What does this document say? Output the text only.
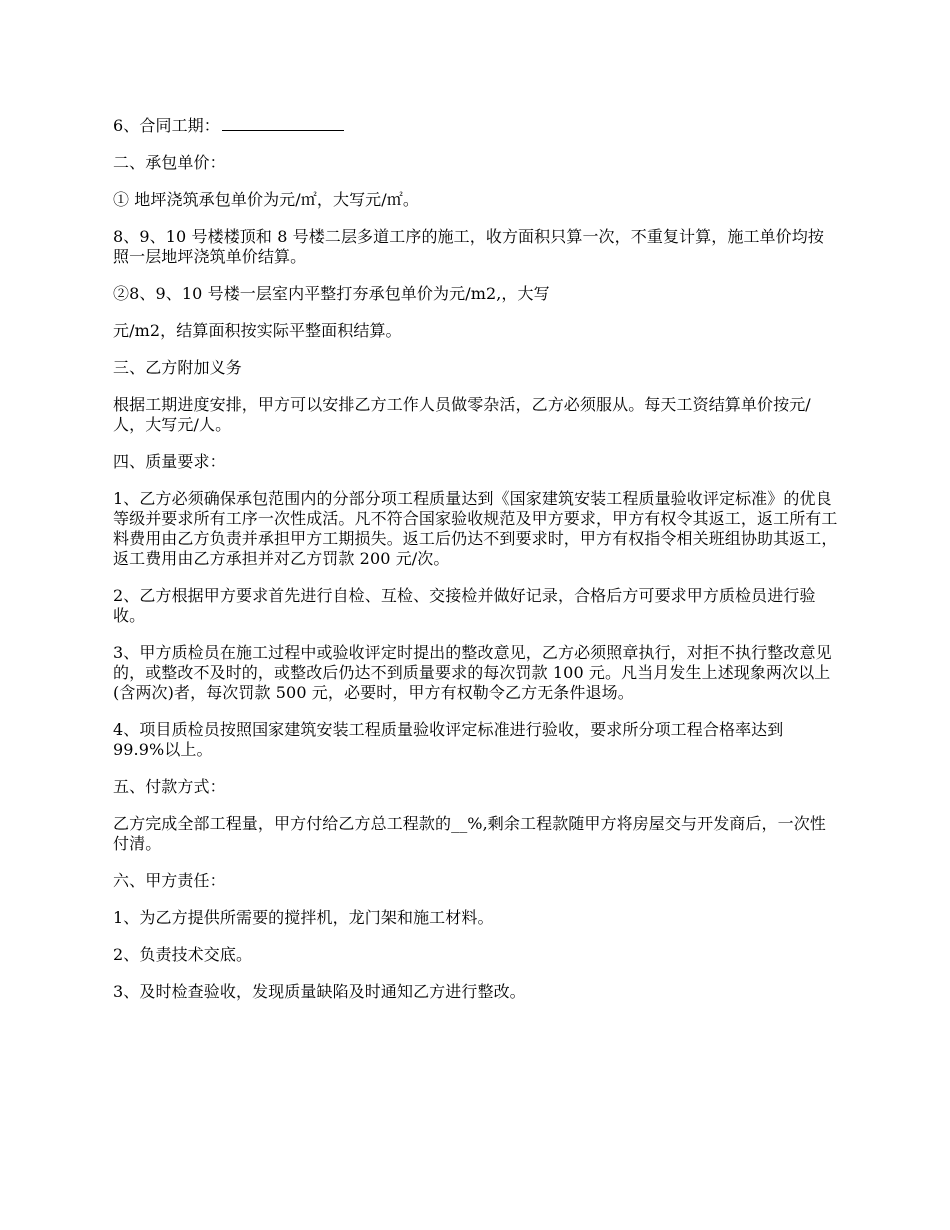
6、合同工期：

二、承包单价：

① 地坪浇筑承包单价为元/㎡，大写元/㎡。

8、9、10 号楼楼顶和 8 号楼二层多道工序的施工，收方面积只算一次，不重复计算，施工单价均按照一层地坪浇筑单价结算。

②8、9、10 号楼一层室内平整打夯承包单价为元/m2,，大写

元/m2，结算面积按实际平整面积结算。

三、乙方附加义务

根据工期进度安排，甲方可以安排乙方工作人员做零杂活，乙方必须服从。每天工资结算单价按元/人，大写元/人。

四、质量要求：

1、乙方必须确保承包范围内的分部分项工程质量达到《国家建筑安装工程质量验收评定标准》的优良等级并要求所有工序一次性成活。凡不符合国家验收规范及甲方要求，甲方有权令其返工，返工所有工料费用由乙方负责并承担甲方工期损失。返工后仍达不到要求时，甲方有权指令相关班组协助其返工，返工费用由乙方承担并对乙方罚款 200 元/次。

2、乙方根据甲方要求首先进行自检、互检、交接检并做好记录，合格后方可要求甲方质检员进行验收。

3、甲方质检员在施工过程中或验收评定时提出的整改意见，乙方必须照章执行，对拒不执行整改意见的，或整改不及时的，或整改后仍达不到质量要求的每次罚款 100 元。凡当月发生上述现象两次以上(含两次)者，每次罚款 500 元，必要时，甲方有权勒令乙方无条件退场。

4、项目质检员按照国家建筑安装工程质量验收评定标准进行验收，要求所分项工程合格率达到 99.9%以上。

五、付款方式：

乙方完成全部工程量，甲方付给乙方总工程款的__%,剩余工程款随甲方将房屋交与开发商后，一次性付清。

六、甲方责任：

1、为乙方提供所需要的搅拌机，龙门架和施工材料。

2、负责技术交底。

3、及时检查验收，发现质量缺陷及时通知乙方进行整改。
